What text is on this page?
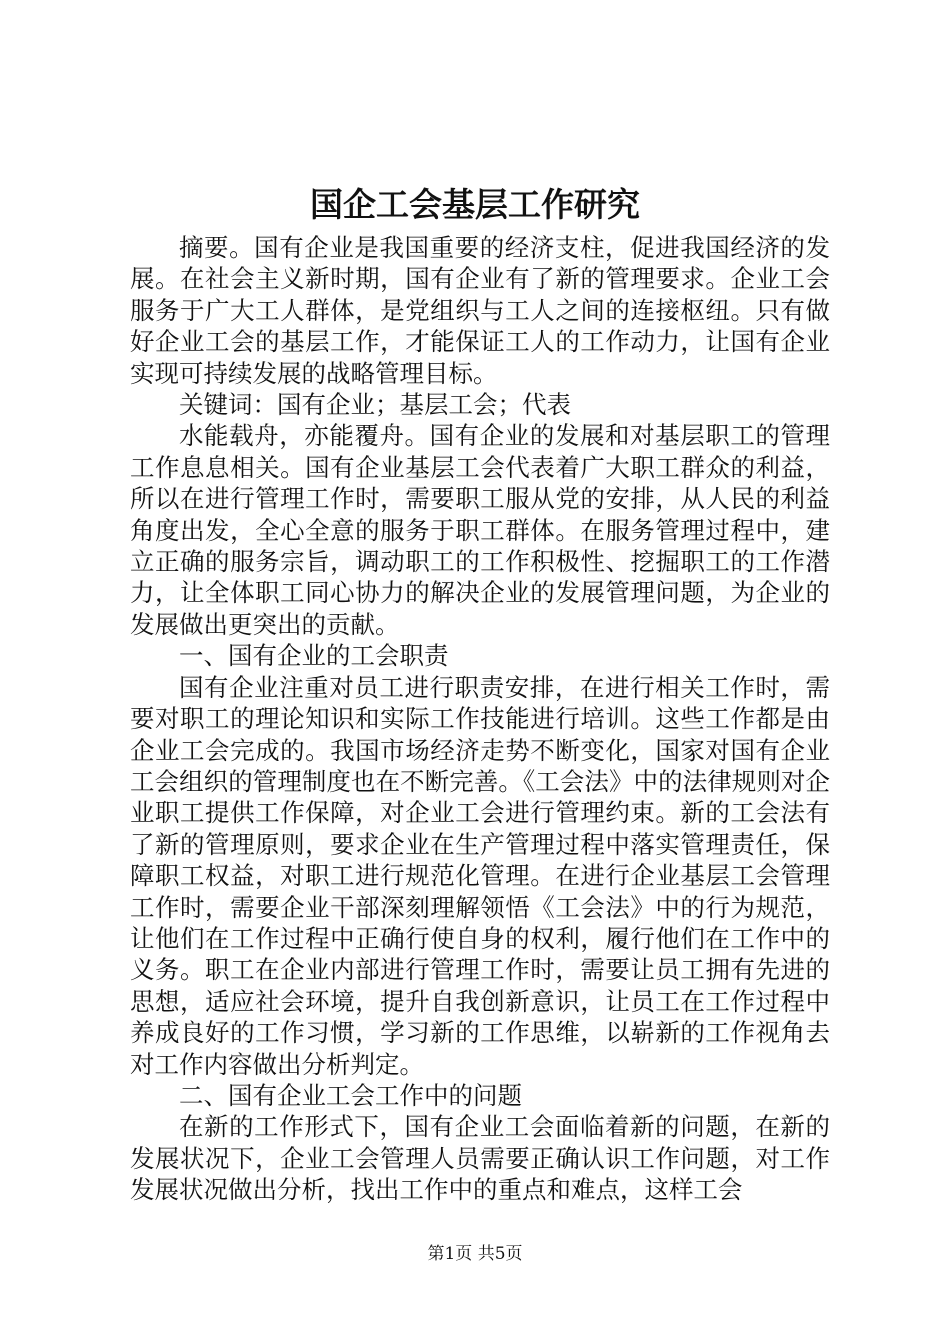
国企工会基层工作研究

摘要。国有企业是我国重要的经济支柱，促进我国经济的发展。在社会主义新时期，国有企业有了新的管理要求。企业工会服务于广大工人群体，是党组织与工人之间的连接枢纽。只有做好企业工会的基层工作，才能保证工人的工作动力，让国有企业实现可持续发展的战略管理目标。

关键词：国有企业；基层工会；代表

水能载舟，亦能覆舟。国有企业的发展和对基层职工的管理工作息息相关。国有企业基层工会代表着广大职工群众的利益，所以在进行管理工作时，需要职工服从党的安排，从人民的利益角度出发，全心全意的服务于职工群体。在服务管理过程中，建立正确的服务宗旨，调动职工的工作积极性、挖掘职工的工作潜力，让全体职工同心协力的解决企业的发展管理问题，为企业的发展做出更突出的贡献。

一、国有企业的工会职责

国有企业注重对员工进行职责安排，在进行相关工作时，需要对职工的理论知识和实际工作技能进行培训。这些工作都是由企业工会完成的。我国市场经济走势不断变化，国家对国有企业工会组织的管理制度也在不断完善。《工会法》中的法律规则对企业职工提供工作保障，对企业工会进行管理约束。新的工会法有了新的管理原则，要求企业在生产管理过程中落实管理责任，保障职工权益，对职工进行规范化管理。在进行企业基层工会管理工作时，需要企业干部深刻理解领悟《工会法》中的行为规范，让他们在工作过程中正确行使自身的权利，履行他们在工作中的义务。职工在企业内部进行管理工作时，需要让员工拥有先进的思想，适应社会环境，提升自我创新意识，让员工在工作过程中养成良好的工作习惯，学习新的工作思维，以崭新的工作视角去对工作内容做出分析判定。

二、国有企业工会工作中的问题

在新的工作形式下，国有企业工会面临着新的问题，在新的发展状况下，企业工会管理人员需要正确认识工作问题，对工作发展状况做出分析，找出工作中的重点和难点，这样工会

第1页 共5页
